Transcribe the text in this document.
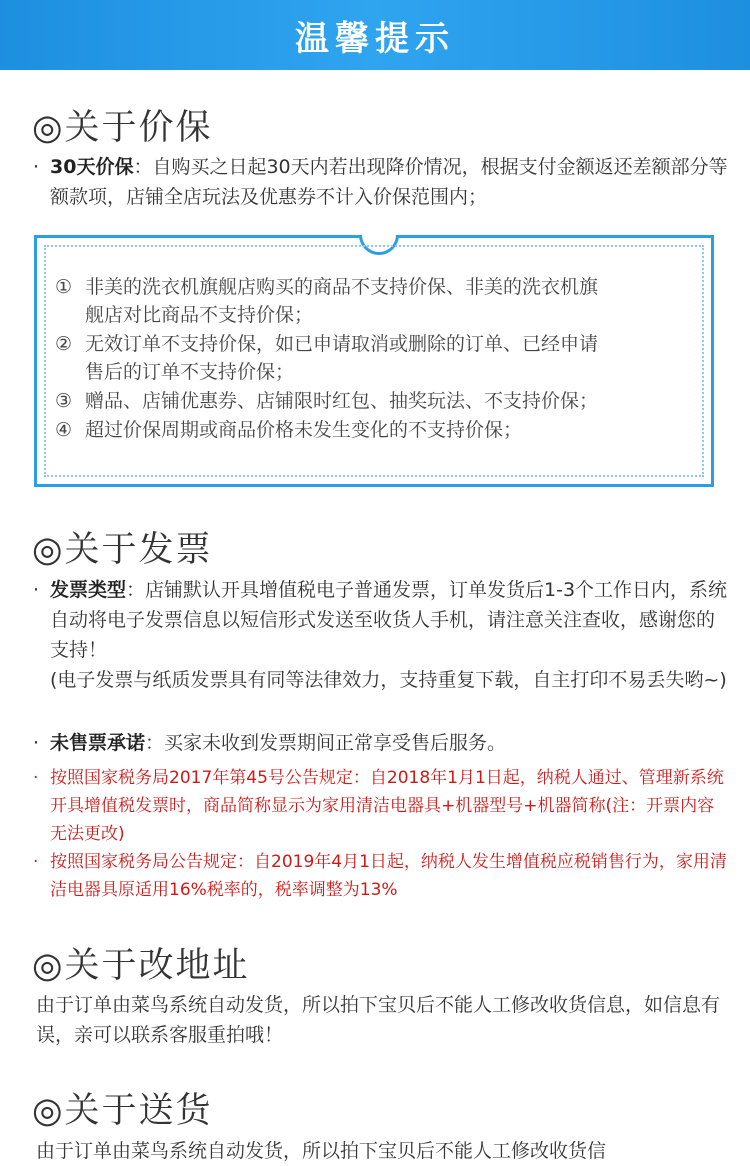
温馨提示
◎关于价保
· 30天价保：自购买之日起30天内若出现降价情况，根据支付金额返还差额部分等额款项，店铺全店玩法及优惠券不计入价保范围内；
① 非美的洗衣机旗舰店购买的商品不支持价保、非美的洗衣机旗
舰店对比商品不支持价保；
② 无效订单不支持价保，如已申请取消或删除的订单、已经申请
售后的订单不支持价保；
③ 赠品、店铺优惠券、店铺限时红包、抽奖玩法、不支持价保；
④ 超过价保周期或商品价格未发生变化的不支持价保；
◎关于发票
· 发票类型：店铺默认开具增值税电子普通发票，订单发货后1-3个工作日内，系统自动将电子发票信息以短信形式发送至收货人手机，请注意关注查收，感谢您的支持！
(电子发票与纸质发票具有同等法律效力，支持重复下载，自主打印不易丢失哟~)
· 未售票承诺：买家未收到发票期间正常享受售后服务。
· 按照国家税务局2017年第45号公告规定：自2018年1月1日起，纳税人通过、管理新系统开具增值税发票时，商品简称显示为家用清洁电器具+机器型号+机器简称(注：开票内容无法更改)
· 按照国家税务局公告规定：自2019年4月1日起，纳税人发生增值税应税销售行为，家用清洁电器具原适用16%税率的，税率调整为13%
◎关于改地址
由于订单由菜鸟系统自动发货，所以拍下宝贝后不能人工修改收货信息，如信息有误，亲可以联系客服重拍哦！
◎关于送货
由于订单由菜鸟系统自动发货，所以拍下宝贝后不能人工修改收货信
